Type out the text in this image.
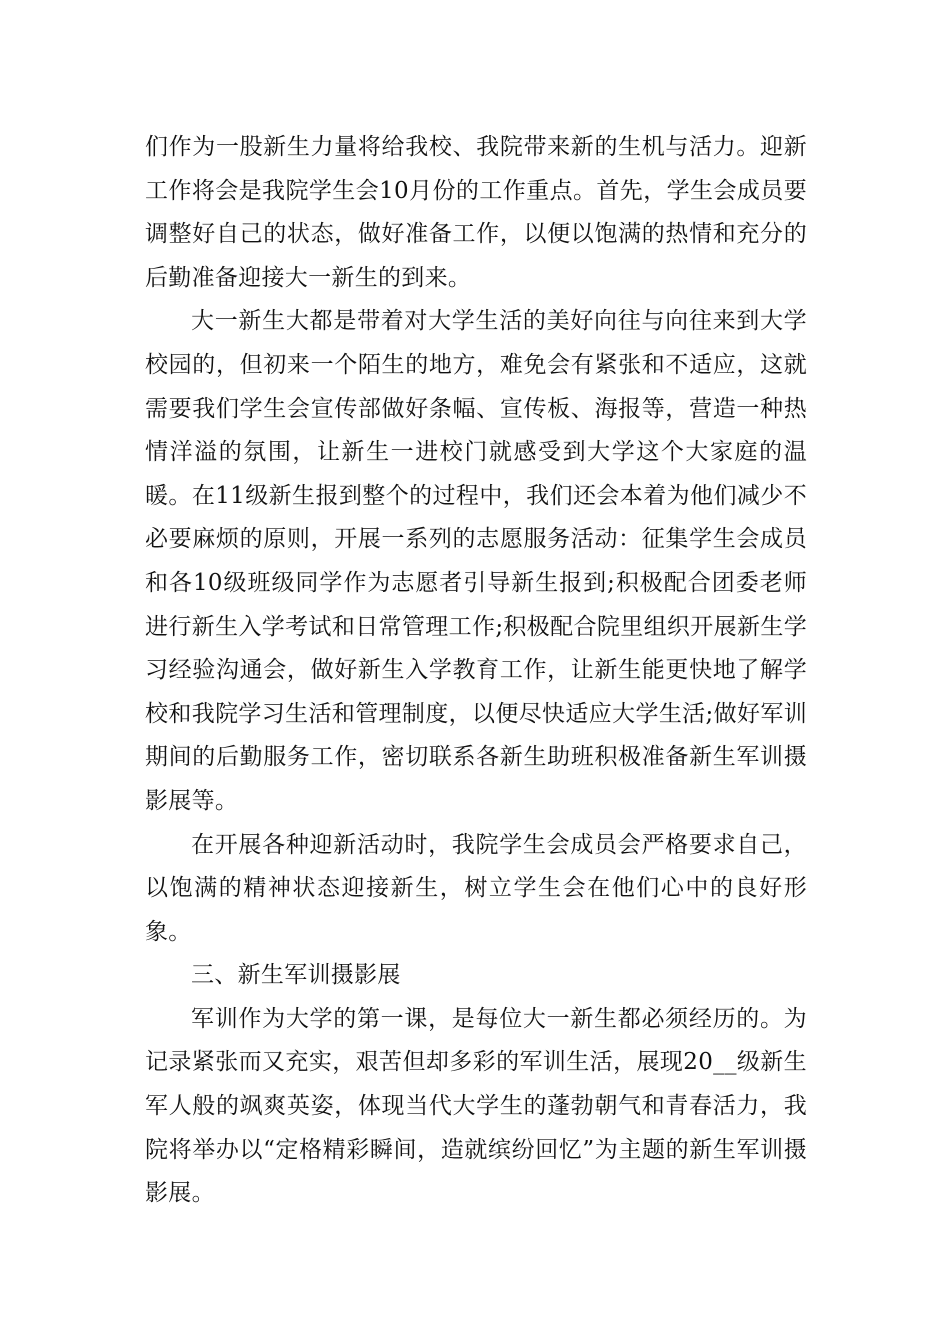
们作为一股新生力量将给我校、我院带来新的生机与活力。迎新工作将会是我院学生会10月份的工作重点。首先，学生会成员要调整好自己的状态，做好准备工作，以便以饱满的热情和充分的后勤准备迎接大一新生的到来。

大一新生大都是带着对大学生活的美好向往与向往来到大学校园的，但初来一个陌生的地方，难免会有紧张和不适应，这就需要我们学生会宣传部做好条幅、宣传板、海报等，营造一种热情洋溢的氛围，让新生一进校门就感受到大学这个大家庭的温暖。在11级新生报到整个的过程中，我们还会本着为他们减少不必要麻烦的原则，开展一系列的志愿服务活动：征集学生会成员和各10级班级同学作为志愿者引导新生报到;积极配合团委老师进行新生入学考试和日常管理工作;积极配合院里组织开展新生学习经验沟通会，做好新生入学教育工作，让新生能更快地了解学校和我院学习生活和管理制度，以便尽快适应大学生活;做好军训期间的后勤服务工作，密切联系各新生助班积极准备新生军训摄影展等。

在开展各种迎新活动时，我院学生会成员会严格要求自己，以饱满的精神状态迎接新生，树立学生会在他们心中的良好形象。

三、新生军训摄影展

军训作为大学的第一课，是每位大一新生都必须经历的。为记录紧张而又充实，艰苦但却多彩的军训生活，展现20__级新生军人般的飒爽英姿，体现当代大学生的蓬勃朝气和青春活力，我院将举办以“定格精彩瞬间，造就缤纷回忆”为主题的新生军训摄影展。
